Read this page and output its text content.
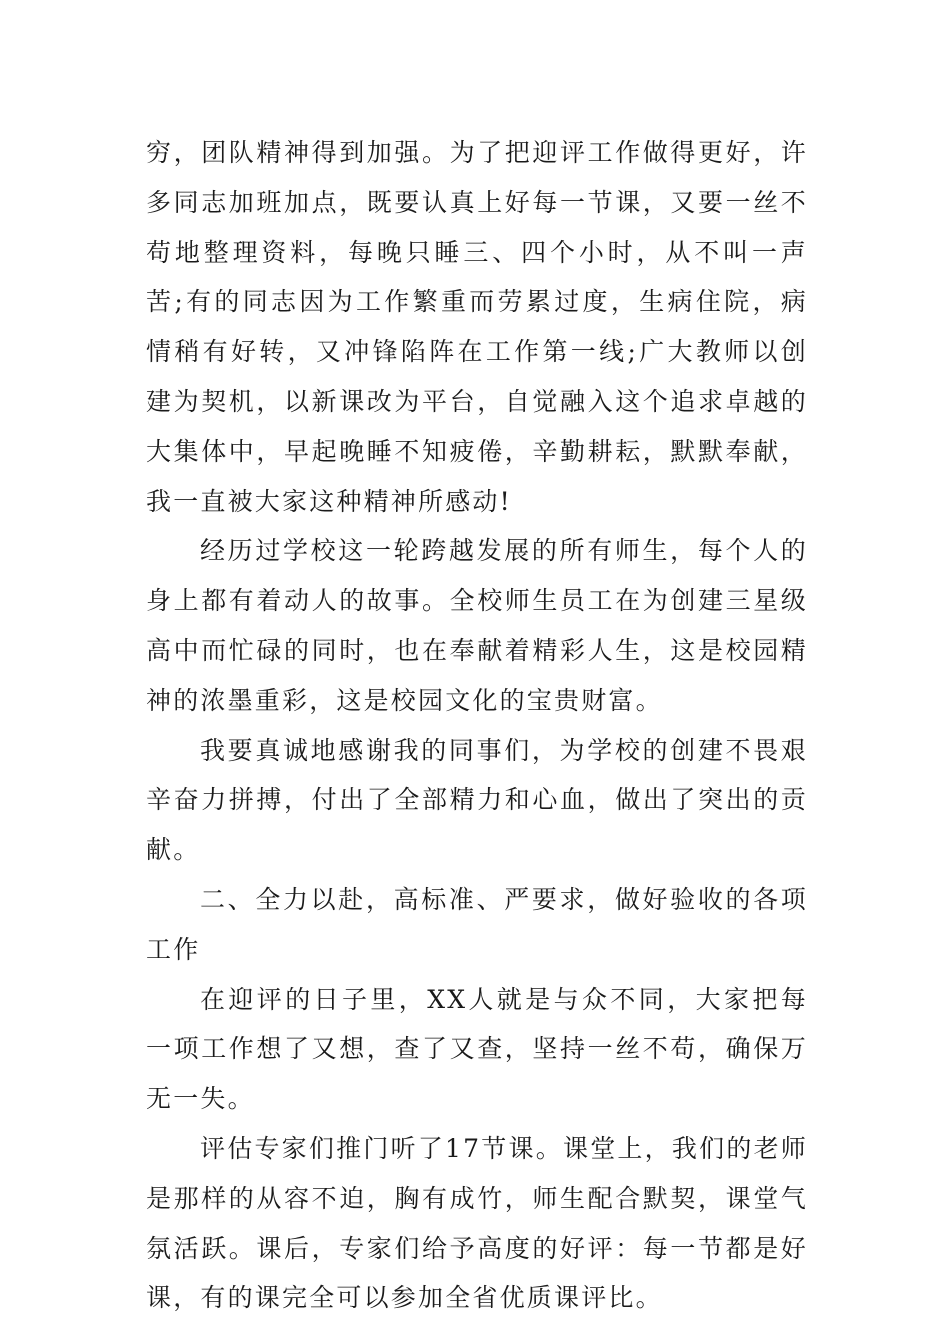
穷，团队精神得到加强。为了把迎评工作做得更好，许多同志加班加点，既要认真上好每一节课，又要一丝不苟地整理资料，每晚只睡三、四个小时，从不叫一声苦;有的同志因为工作繁重而劳累过度，生病住院，病情稍有好转，又冲锋陷阵在工作第一线;广大教师以创建为契机，以新课改为平台，自觉融入这个追求卓越的大集体中，早起晚睡不知疲倦，辛勤耕耘，默默奉献，我一直被大家这种精神所感动!

经历过学校这一轮跨越发展的所有师生，每个人的身上都有着动人的故事。全校师生员工在为创建三星级高中而忙碌的同时，也在奉献着精彩人生，这是校园精神的浓墨重彩，这是校园文化的宝贵财富。

我要真诚地感谢我的同事们，为学校的创建不畏艰辛奋力拼搏，付出了全部精力和心血，做出了突出的贡献。

二、全力以赴，高标准、严要求，做好验收的各项工作

在迎评的日子里，XX人就是与众不同，大家把每一项工作想了又想，查了又查，坚持一丝不苟，确保万无一失。

评估专家们推门听了17节课。课堂上，我们的老师是那样的从容不迫，胸有成竹，师生配合默契，课堂气氛活跃。课后，专家们给予高度的好评：每一节都是好课，有的课完全可以参加全省优质课评比。
